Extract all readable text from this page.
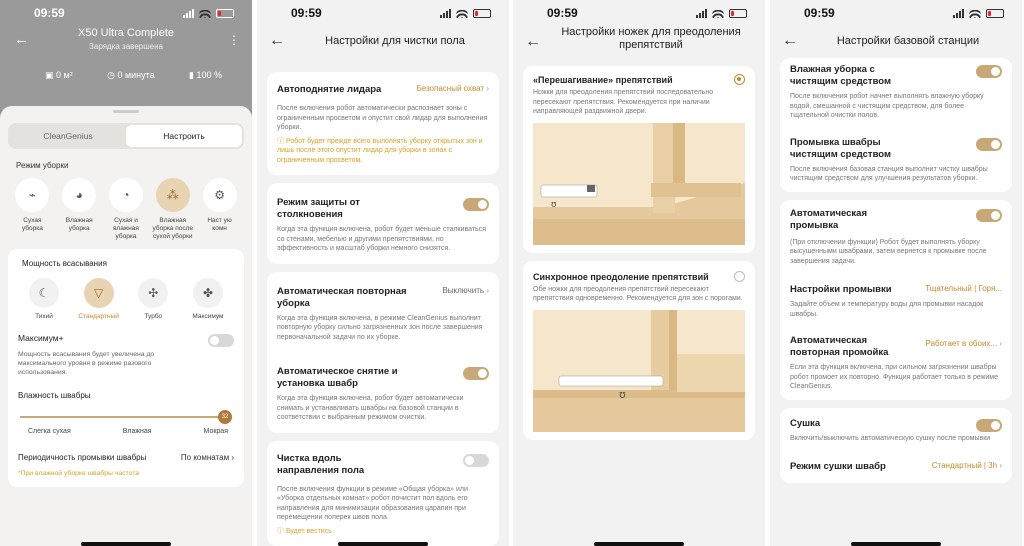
09:59
←	⋮
X50 Ultra Complete
Зарядка завершена
▣ 0 м²	◷ 0 минута	▮ 100 %
CleanGenius	Настроить
Режим уборки
⌁
Сухая уборка
◕
Влажная уборка
◔
Сухая и влажная уборка
⁂
Влажная уборка после сухой уборки
⚙
Наст ую комн
Мощность всасывания
☾
Тихий
▽
Стандартный
✣
Турбо
✤
Максимум
Максимум+
Мощность всасывания будет увеличена до максимального уровня в режиме разового использования.
Влажность швабры
32
Слегка сухая	Влажная	Мокрая
Периодичность промывки швабры	По комнатам ›
*При влажной уборке швабры частота
09:59
←	Настройки для чистки пола
Автоподнятие лидара	Безопасный охват ›
После включения робот автоматически распознает зоны с ограниченным просветом и опустит свой лидар для выполнения уборки.
ⓘ Робот будет прежде всего выполнять уборку открытых зон и лишь после этого опустит лидар для уборки в зонах с ограниченным просветом.
Режим защиты от столкновения
Когда эта функция включена, робот будет меньше сталкиваться со стенами, мебелью и другими препятствиями, но эффективность и масштаб уборки немного снизятся.
Автоматическая повторная уборка
Выключить ›
Когда эта функция включена, в режиме CleanGenius выполнит повторную уборку сильно загрязненных зон после завершения первоначальной задачи по их уборке.
Автоматическое снятие и установка швабр
Когда эта функция включена, робот будет автоматически снимать и устанавливать швабры на базовой станции в соответствии с выбранным режимом очистки.
Чистка вдоль направления пола
После включения функции в режиме «Общая уборка» или «Уборка отдельных комнат» робот почистит пол вдоль его направления для минимизации образования царапин при перемещении поперек швов пола.
ⓘ Будет вестись
09:59
←
Настройки ножек для преодоления препятствий
«Перешагивание» препятствий
Ножки для преодоления препятствий последовательно пересекают препятствия. Рекомендуется при наличии направляющей раздвижной двери.
ʊ
Синхронное преодоление препятствий
Обе ножки для преодоления препятствий пересекают препятствия одновременно. Рекомендуется для зон с порогами.
ʊ
09:59
←	Настройки базовой станции
Влажная уборка с чистящим средством
После включения робот начнет выполнять влажную уборку водой, смешанной с чистящим средством, для более тщательной очистки полов.
Промывка швабры чистящим средством
После включения базовая станция выполнит чистку швабры чистящим средством для улучшения результатов уборки.
Автоматическая промывка
(При отключении функции) Робот будет выполнять уборку высушенными швабрами, затем вернется к промывке после завершения задачи.
Настройки промывки	Тщательный | Горя...
Задайте объем и температуру воды для промывки насадок швабры.
Автоматическая повторная промойка
Работает в обоих... ›
Если эта функция включена, при сильном загрязнении швабры робот промоет их повторно. Функция работает только в режиме CleanGenius.
Сушка
Включить/выключить автоматическую сушку после промывки
Режим сушки швабр	Стандартный | 3h ›
